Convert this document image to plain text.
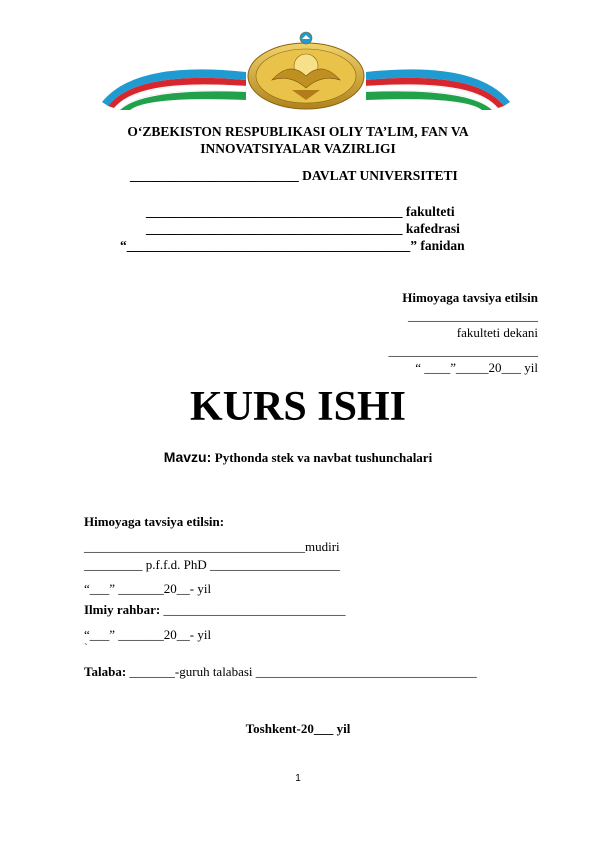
O‘ZBEKISTON RESPUBLIKASI OLIY TA’LIM, FAN VA
INNOVATSIYALAR VAZIRLIGI
_________________________ DAVLAT UNIVERSITETI
______________________________________ fakulteti
______________________________________ kafedrasi
“__________________________________________” fanidan
Himoyaga tavsiya etilsin
____________________
fakulteti dekani
_______________________
“ ____”_____20___ yil
KURS ISHI
Mavzu: Pythonda stek va navbat tushunchalari
Himoyaga tavsiya etilsin:
__________________________________mudiri
_________ p.f.f.d. PhD ____________________
“___” _______20__- yil
Ilmiy rahbar: ____________________________
“___” _______20__- yil
`
Talaba: _______-guruh talabasi __________________________________
Toshkent-20___ yil
1
